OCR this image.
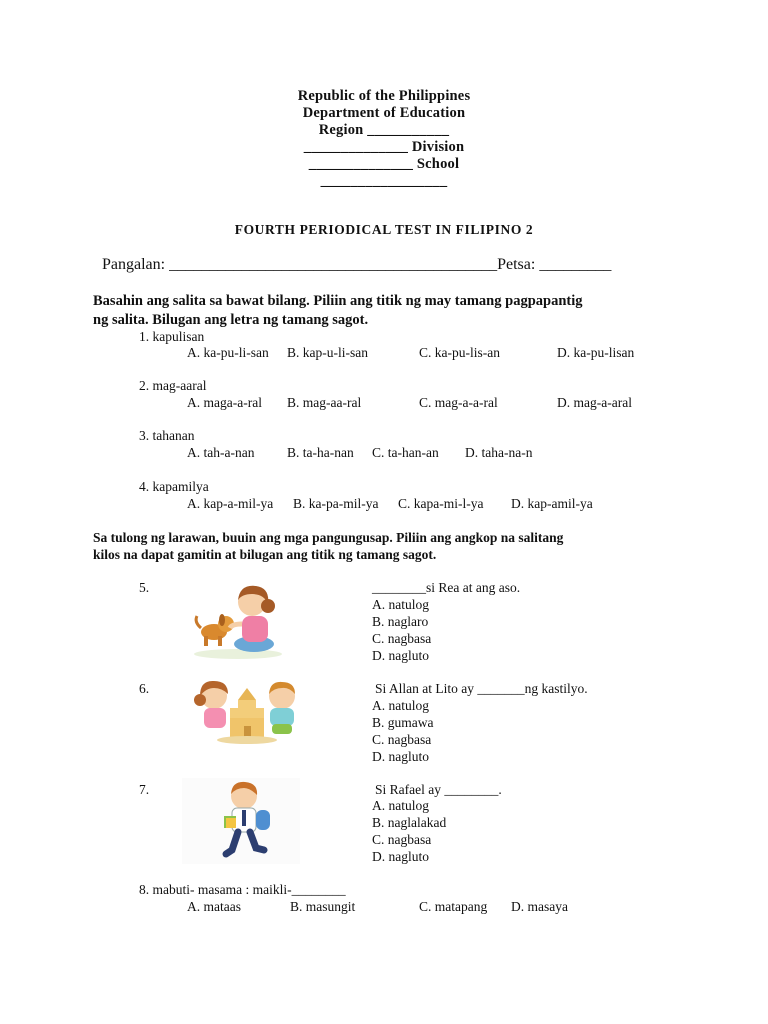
Republic of the Philippines
Department of Education
Region ___________
______________ Division
______________ School
_________________
FOURTH PERIODICAL TEST IN FILIPINO 2
Pangalan: _________________________________________Petsa: _________
Basahin ang salita sa bawat bilang. Piliin ang titik ng may tamang pagpapantig
ng salita. Bilugan ang letra ng tamang sagot.
1. kapulisan
A. ka-pu-li-san B. kap-u-li-san	C. ka-pu-lis-an	D. ka-pu-lisan
2. mag-aaral
A. maga-a-ral B. mag-aa-ral	C. mag-a-a-ral	D. mag-a-aral
3. tahanan
A. tah-a-nan B. ta-ha-nan C. ta-han-an D. taha-na-n
4. kapamilya
A. kap-a-mil-ya B. ka-pa-mil-ya C. kapa-mi-l-ya D. kap-amil-ya
Sa tulong ng larawan, buuin ang mga pangungusap. Piliin ang angkop na salitang
kilos na dapat gamitin at bilugan ang titik ng tamang sagot.
5.	________si Rea at ang aso.
A. natulog
B. naglaro
C. nagbasa
D. nagluto
6.	Si Allan at Lito ay _______ng kastilyo.
A. natulog
B. gumawa
C. nagbasa
D. nagluto
7.	Si Rafael ay ________.
A. natulog
B. naglalakad
C. nagbasa
D. nagluto
8. mabuti- masama : maikli-________
A. mataas	B. masungit	C. matapang D. masaya
